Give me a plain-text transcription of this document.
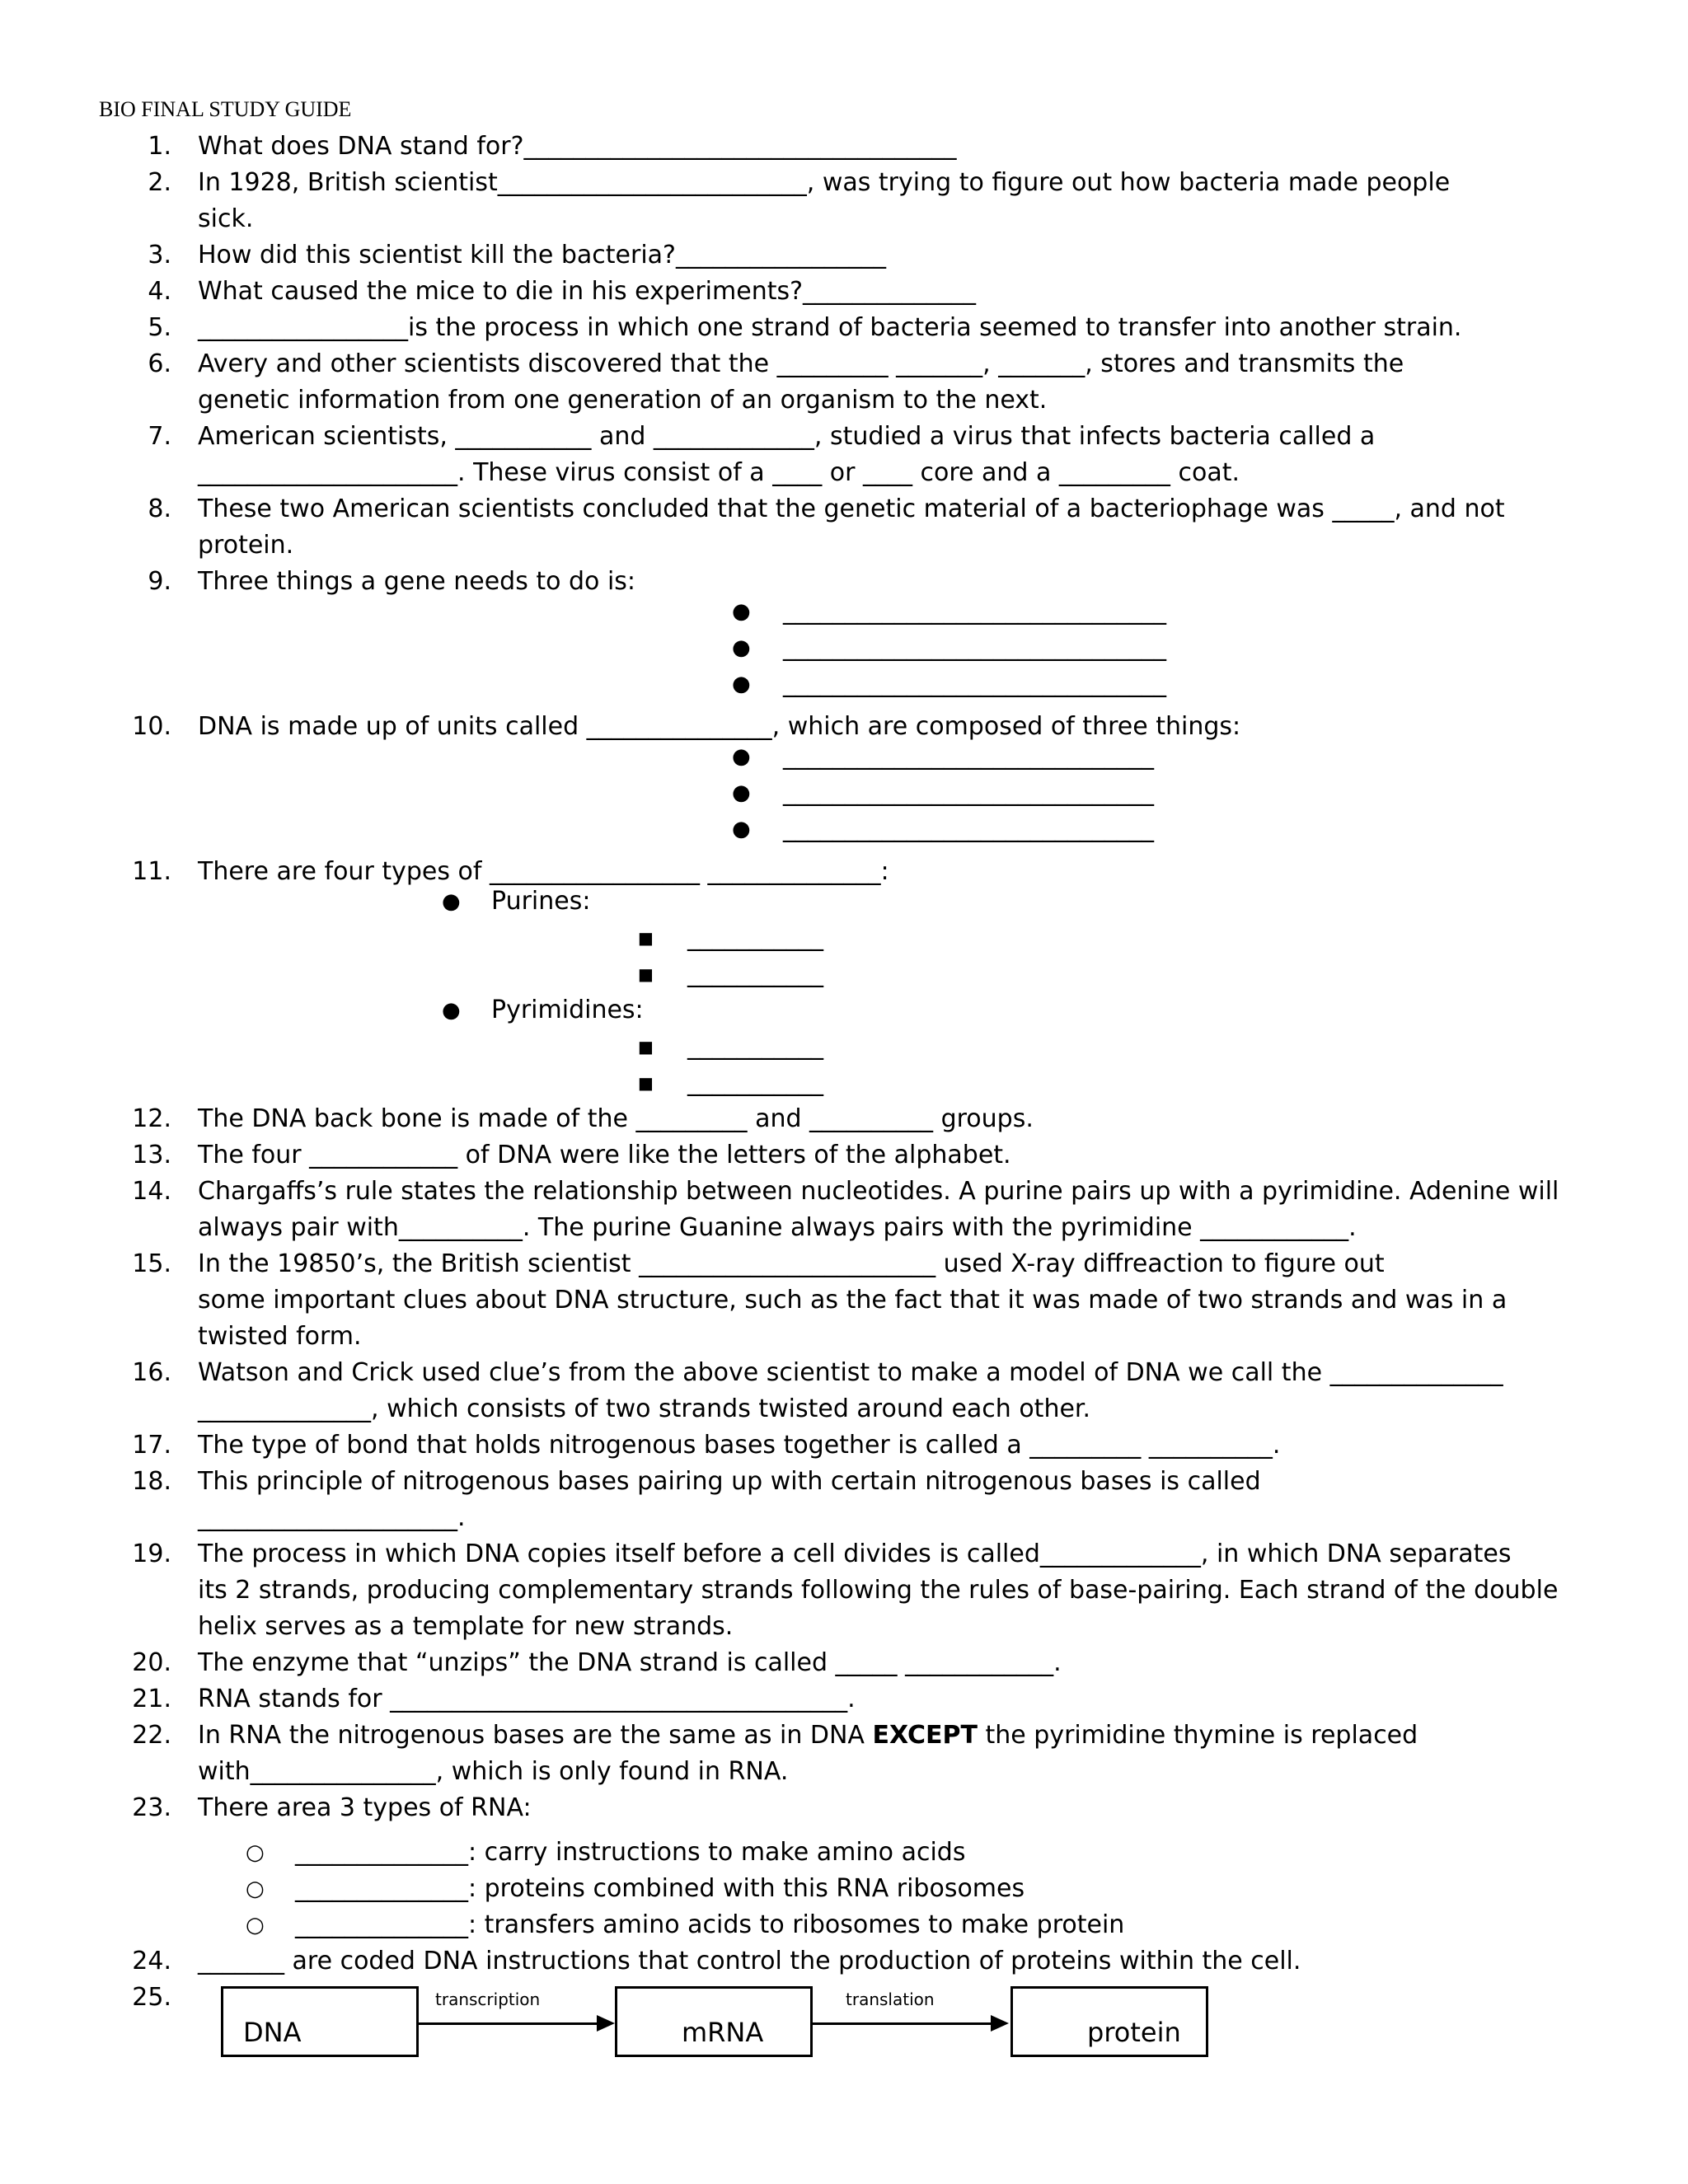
BIO FINAL STUDY GUIDE
1. What does DNA stand for?___________________________________
2. In 1928, British scientist_________________________, was trying to figure out how bacteria made people
sick.
3. How did this scientist kill the bacteria?_________________
4. What caused the mice to die in his experiments?______________
5. _________________is the process in which one strand of bacteria seemed to transfer into another strain.
6. Avery and other scientists discovered that the _________ _______, _______, stores and transmits the
genetic information from one generation of an organism to the next.
7. American scientists, ___________ and _____________, studied a virus that infects bacteria called a
_____________________. These virus consist of a ____ or ____ core and a _________ coat.
8. These two American scientists concluded that the genetic material of a bacteriophage was _____, and not
protein.
9. Three things a gene needs to do is:
10. DNA is made up of units called _______________, which are composed of three things:
11. There are four types of _________________ ______________:
12. The DNA back bone is made of the _________ and __________ groups.
13. The four ____________ of DNA were like the letters of the alphabet.
14. Chargaffs’s rule states the relationship between nucleotides. A purine pairs up with a pyrimidine. Adenine will
always pair with__________. The purine Guanine always pairs with the pyrimidine ____________.
15. In the 19850’s, the British scientist ________________________ used X-ray diffreaction to figure out
some important clues about DNA structure, such as the fact that it was made of two strands and was in a
twisted form.
16. Watson and Crick used clue’s from the above scientist to make a model of DNA we call the ______________
______________, which consists of two strands twisted around each other.
17. The type of bond that holds nitrogenous bases together is called a _________ __________.
18. This principle of nitrogenous bases pairing up with certain nitrogenous bases is called
_____________________.
19. The process in which DNA copies itself before a cell divides is called_____________, in which DNA separates
its 2 strands, producing complementary strands following the rules of base-pairing. Each strand of the double
helix serves as a template for new strands.
20. The enzyme that “unzips” the DNA strand is called _____ ____________.
21. RNA stands for _____________________________________.
22. In RNA the nitrogenous bases are the same as in DNA EXCEPT the pyrimidine thymine is replaced
with_______________, which is only found in RNA.
23. There area 3 types of RNA:
24. _______ are coded DNA instructions that control the production of proteins within the cell.
25.
● _______________________________
● _______________________________
● _______________________________
● ______________________________
● ______________________________
● ______________________________
● Purines:
■ ___________
■ ___________
● Pyrimidines:
■ ___________
■ ___________
○ ______________: carry instructions to make amino acids
○ ______________: proteins combined with this RNA ribosomes
○ ______________: transfers amino acids to ribosomes to make protein
DNA
transcription
mRNA
translation
protein
